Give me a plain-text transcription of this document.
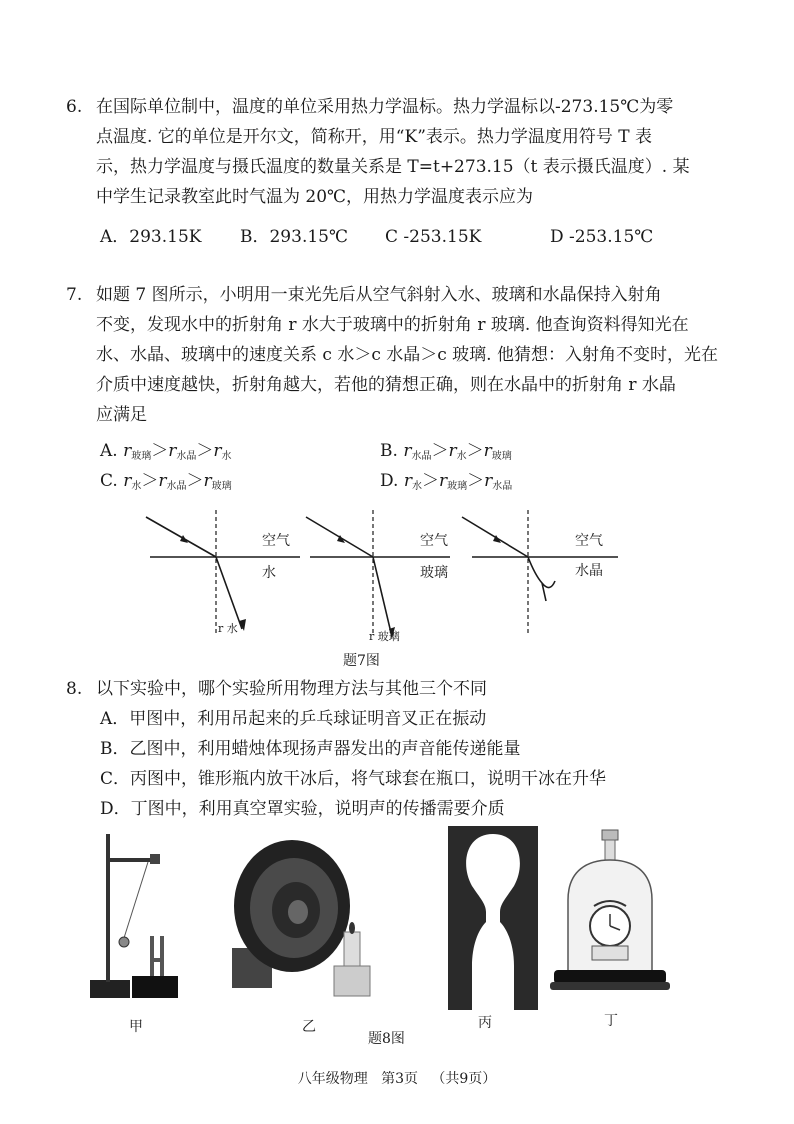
6. 在国际单位制中，温度的单位采用热力学温标。热力学温标以-273.15℃为零
点温度. 它的单位是开尔文，简称开，用“K”表示。热力学温度用符号 T 表
示，热力学温度与摄氏温度的数量关系是 T=t+273.15（t 表示摄氏温度）. 某
中学生记录教室此时气温为 20℃，用热力学温度表示应为
A．293.15K B．293.15℃ C -253.15K	D -253.15℃
7. 如题 7 图所示，小明用一束光先后从空气斜射入水、玻璃和水晶保持入射角
不变，发现水中的折射角 r 水大于玻璃中的折射角 r 玻璃. 他查询资料得知光在
水、水晶、玻璃中的速度关系 c 水＞c 水晶＞c 玻璃. 他猜想：入射角不变时，光在
介质中速度越快，折射角越大，若他的猜想正确，则在水晶中的折射角 r 水晶
应满足
A. $r_{玻璃}>r_{水晶}>r_水$	B. $r_{水晶}>r_水>r_{玻璃}$
C. $r_水>r_{水晶}>r_{玻璃}$	D. $r_水>r_{玻璃}>r_{水晶}$
空气
水
空气
玻璃
空气
水晶
r 水
r 玻璃
题7图
8. 以下实验中，哪个实验所用物理方法与其他三个不同
A．甲图中，利用吊起来的乒乓球证明音叉正在振动
B．乙图中，利用蜡烛体现扬声器发出的声音能传递能量
C．丙图中，锥形瓶内放干冰后，将气球套在瓶口，说明干冰在升华
D．丁图中，利用真空罩实验，说明声的传播需要介质
甲	乙	丙	丁
题8图
八年级物理 第3页 （共9页）
